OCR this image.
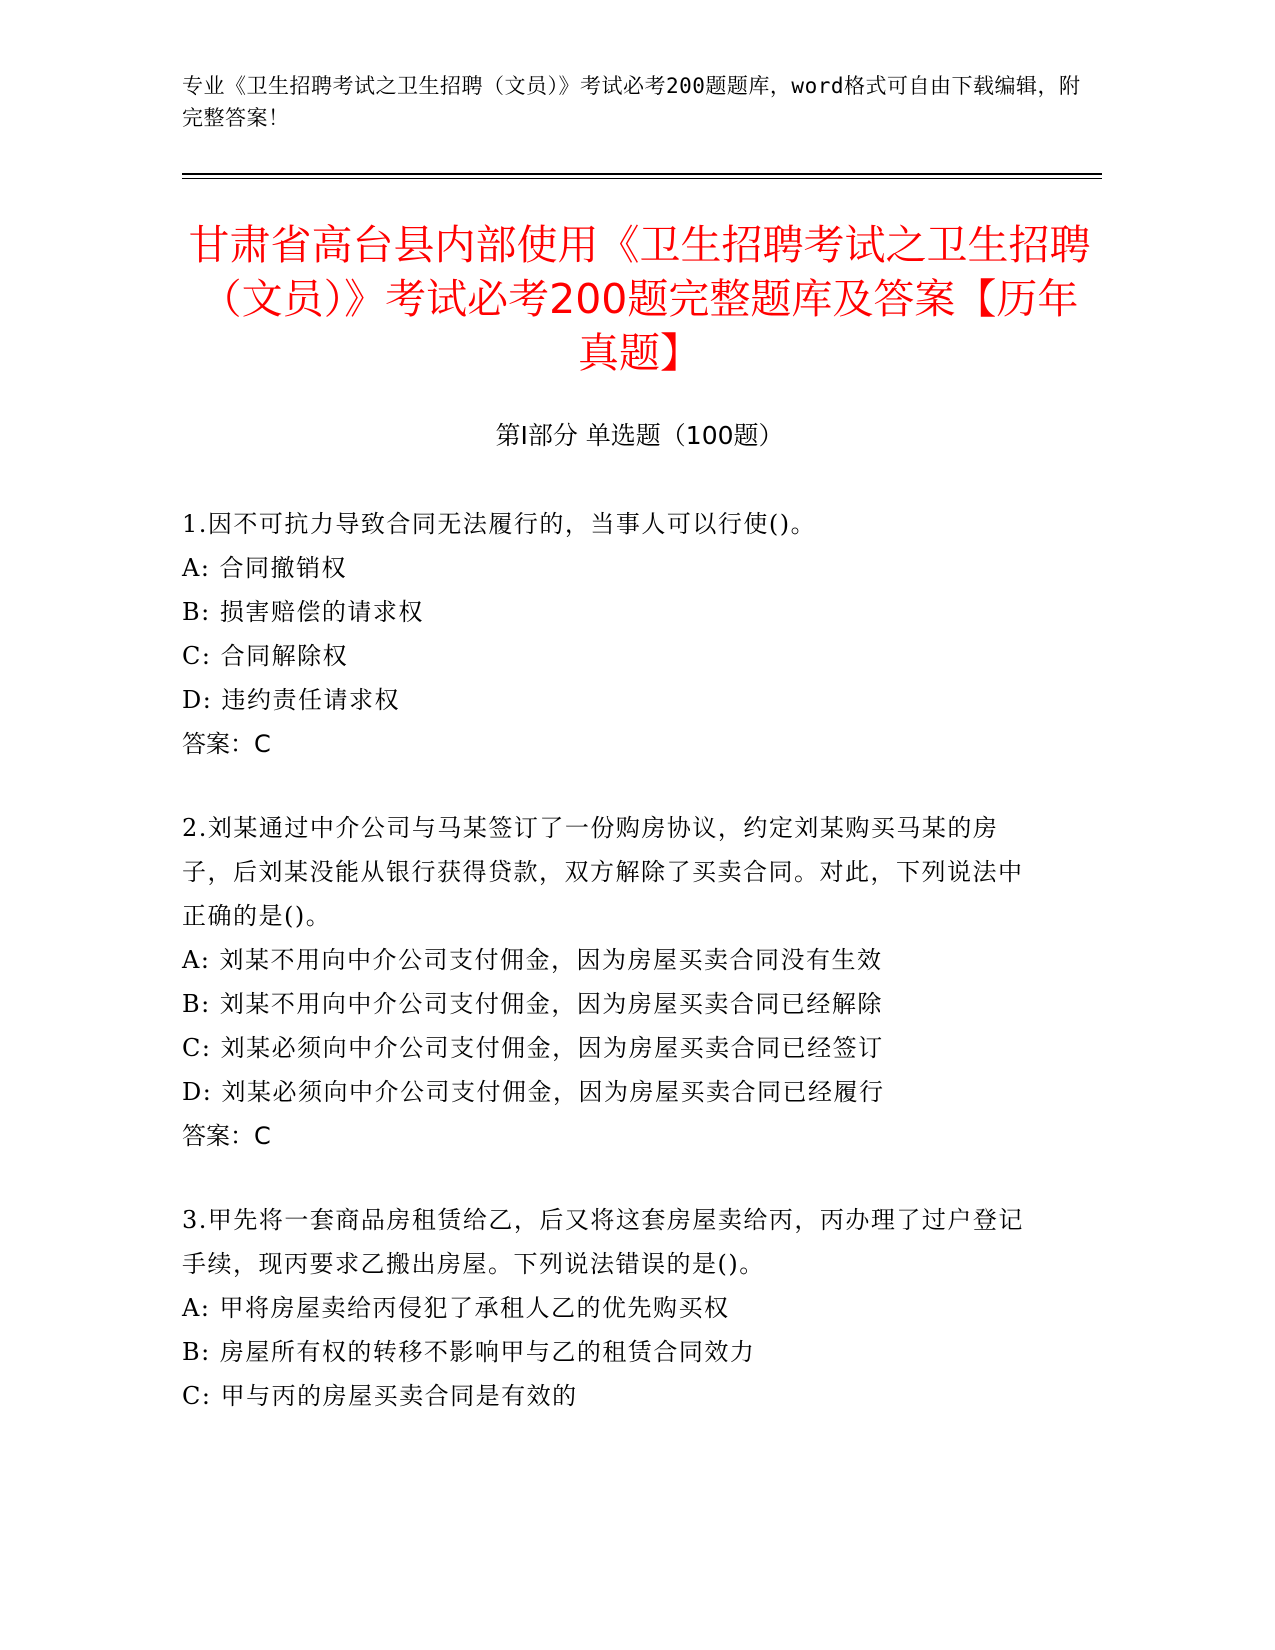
专业《卫生招聘考试之卫生招聘（文员）》考试必考200题题库，word格式可自由下载编辑，附完整答案！
甘肃省高台县内部使用《卫生招聘考试之卫生招聘（文员）》考试必考200题完整题库及答案【历年真题】
第I部分 单选题（100题）

1.因不可抗力导致合同无法履行的，当事人可以行使()。

A: 合同撤销权

B: 损害赔偿的请求权

C: 合同解除权

D: 违约责任请求权

答案：C

2.刘某通过中介公司与马某签订了一份购房协议，约定刘某购买马某的房子，后刘某没能从银行获得贷款，双方解除了买卖合同。对此，下列说法中正确的是()。

A: 刘某不用向中介公司支付佣金，因为房屋买卖合同没有生效

B: 刘某不用向中介公司支付佣金，因为房屋买卖合同已经解除

C: 刘某必须向中介公司支付佣金，因为房屋买卖合同已经签订

D: 刘某必须向中介公司支付佣金，因为房屋买卖合同已经履行

答案：C

3.甲先将一套商品房租赁给乙，后又将这套房屋卖给丙，丙办理了过户登记手续，现丙要求乙搬出房屋。下列说法错误的是()。

A: 甲将房屋卖给丙侵犯了承租人乙的优先购买权

B: 房屋所有权的转移不影响甲与乙的租赁合同效力

C: 甲与丙的房屋买卖合同是有效的
